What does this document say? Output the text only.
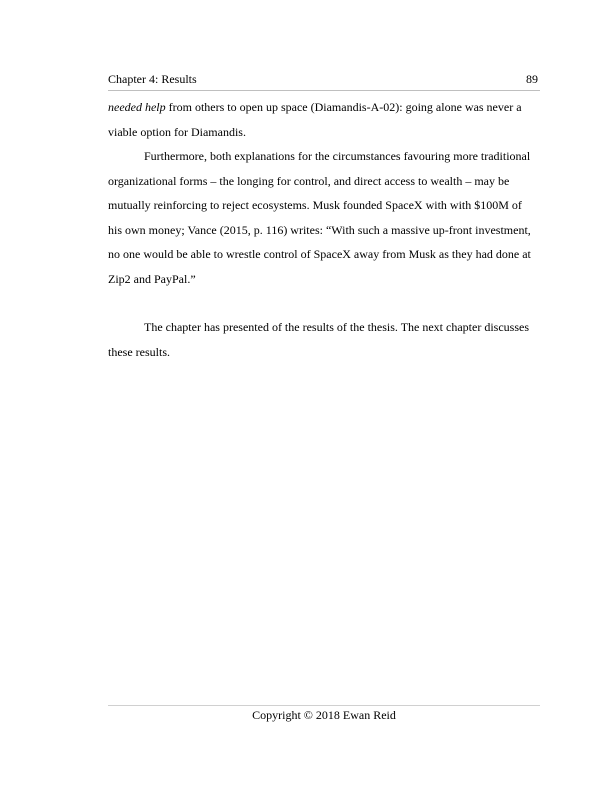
Chapter 4: Results	89
needed help from others to open up space (Diamandis-A-02): going alone was never a
viable option for Diamandis.
Furthermore, both explanations for the circumstances favouring more traditional
organizational forms – the longing for control, and direct access to wealth – may be
mutually reinforcing to reject ecosystems. Musk founded SpaceX with with $100M of
his own money; Vance (2015, p. 116) writes: “With such a massive up-front investment,
no one would be able to wrestle control of SpaceX away from Musk as they had done at
Zip2 and PayPal.”
The chapter has presented of the results of the thesis. The next chapter discusses
these results.
Copyright © 2018 Ewan Reid
